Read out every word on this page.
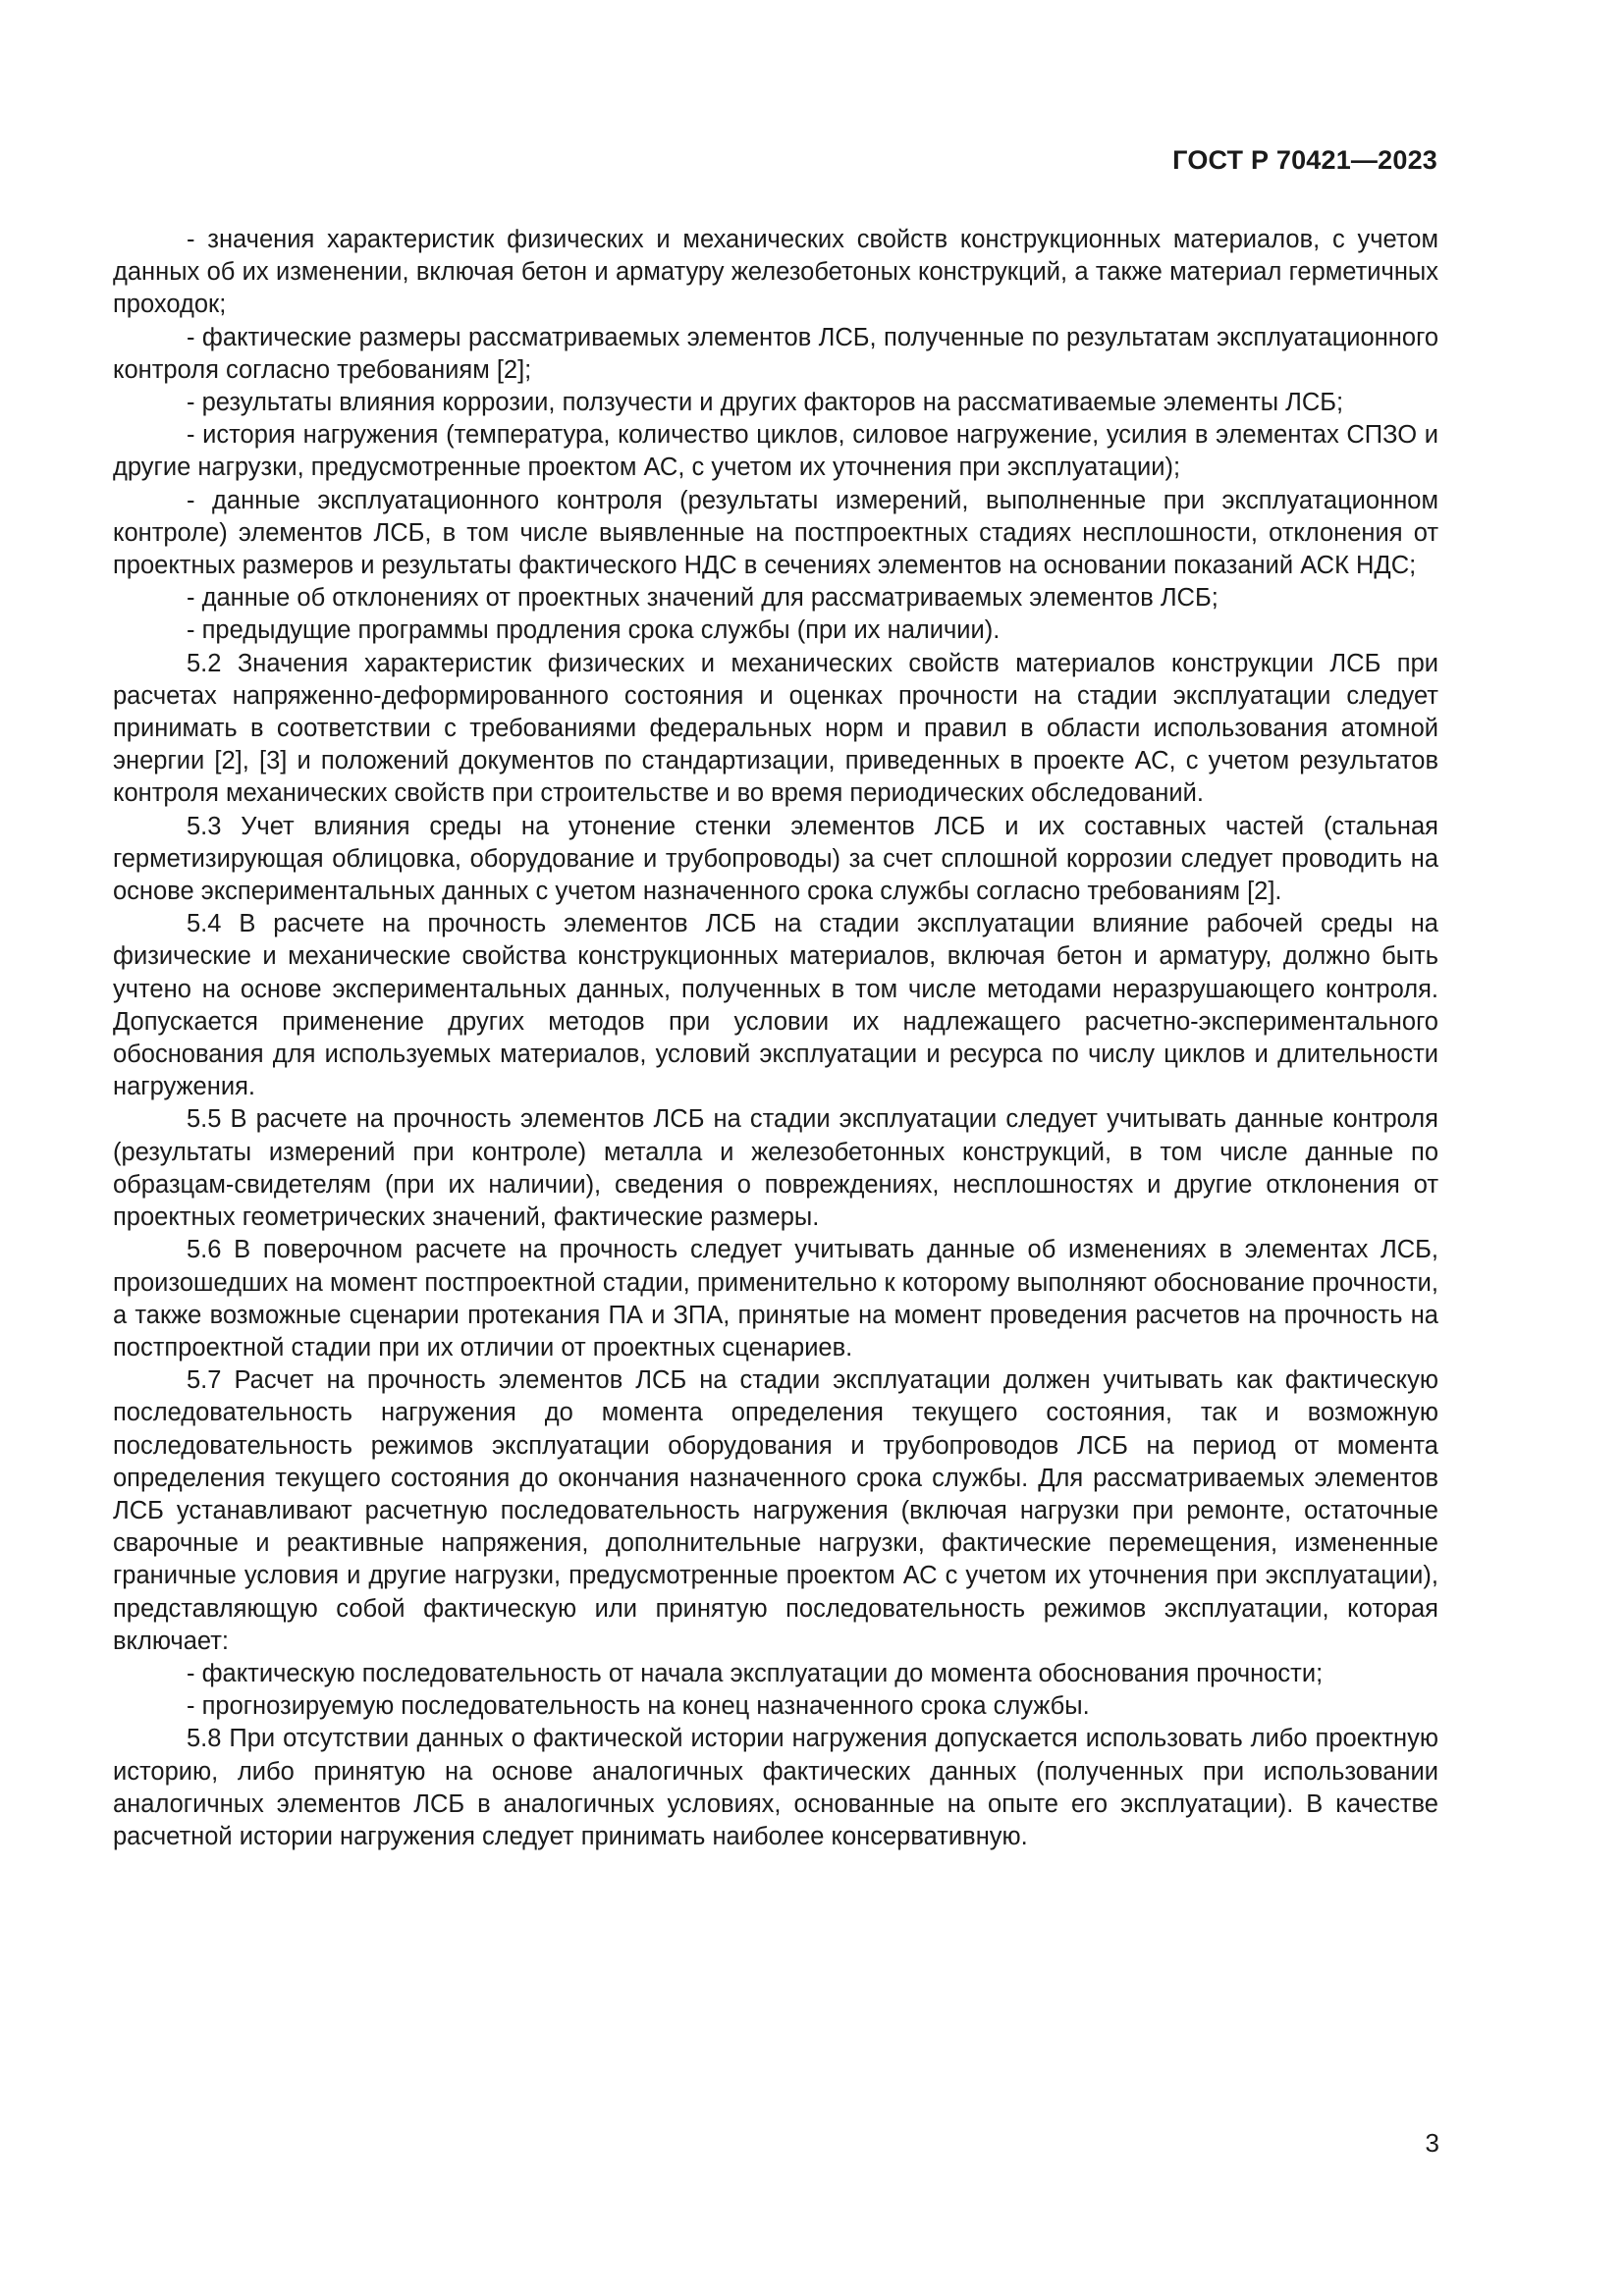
ГОСТ Р 70421—2023

- значения характеристик физических и механических свойств конструкционных материалов, с учетом данных об их изменении, включая бетон и арматуру железобетоных конструкций, а также материал герметичных проходок;

- фактические размеры рассматриваемых элементов ЛСБ, полученные по результатам эксплуатационного контроля согласно требованиям [2];

- результаты влияния коррозии, ползучести и других факторов на рассмативаемые элементы ЛСБ;

- история нагружения (температура, количество циклов, силовое нагружение, усилия в элементах СПЗО и другие нагрузки, предусмотренные проектом АС, с учетом их уточнения при эксплуатации);

- данные эксплуатационного контроля (результаты измерений, выполненные при эксплуатационном контроле) элементов ЛСБ, в том числе выявленные на постпроектных стадиях несплошности, отклонения от проектных размеров и результаты фактического НДС в сечениях элементов на основании показаний АСК НДС;

- данные об отклонениях от проектных значений для рассматриваемых элементов ЛСБ;

- предыдущие программы продления срока службы (при их наличии).

5.2 Значения характеристик физических и механических свойств материалов конструкции ЛСБ при расчетах напряженно-деформированного состояния и оценках прочности на стадии эксплуатации следует принимать в соответствии с требованиями федеральных норм и правил в области использования атомной энергии [2], [3] и положений документов по стандартизации, приведенных в проекте АС, с учетом результатов контроля механических свойств при строительстве и во время периодических обследований.

5.3 Учет влияния среды на утонение стенки элементов ЛСБ и их составных частей (стальная герметизирующая облицовка, оборудование и трубопроводы) за счет сплошной коррозии следует проводить на основе экспериментальных данных с учетом назначенного срока службы согласно требованиям [2].

5.4 В расчете на прочность элементов ЛСБ на стадии эксплуатации влияние рабочей среды на физические и механические свойства конструкционных материалов, включая бетон и арматуру, должно быть учтено на основе экспериментальных данных, полученных в том числе методами неразрушающего контроля. Допускается применение других методов при условии их надлежащего расчетно-экспериментального обоснования для используемых материалов, условий эксплуатации и ресурса по числу циклов и длительности нагружения.

5.5 В расчете на прочность элементов ЛСБ на стадии эксплуатации следует учитывать данные контроля (результаты измерений при контроле) металла и железобетонных конструкций, в том числе данные по образцам-свидетелям (при их наличии), сведения о повреждениях, несплошностях и другие отклонения от проектных геометрических значений, фактические размеры.

5.6 В поверочном расчете на прочность следует учитывать данные об изменениях в элементах ЛСБ, произошедших на момент постпроектной стадии, применительно к которому выполняют обоснование прочности, а также возможные сценарии протекания ПА и ЗПА, принятые на момент проведения расчетов на прочность на постпроектной стадии при их отличии от проектных сценариев.

5.7 Расчет на прочность элементов ЛСБ на стадии эксплуатации должен учитывать как фактическую последовательность нагружения до момента определения текущего состояния, так и возможную последовательность режимов эксплуатации оборудования и трубопроводов ЛСБ на период от момента определения текущего состояния до окончания назначенного срока службы. Для рассматриваемых элементов ЛСБ устанавливают расчетную последовательность нагружения (включая нагрузки при ремонте, остаточные сварочные и реактивные напряжения, дополнительные нагрузки, фактические перемещения, измененные граничные условия и другие нагрузки, предусмотренные проектом АС с учетом их уточнения при эксплуатации), представляющую собой фактическую или принятую последовательность режимов эксплуатации, которая включает:

- фактическую последовательность от начала эксплуатации до момента обоснования прочности;

- прогнозируемую последовательность на конец назначенного срока службы.

5.8 При отсутствии данных о фактической истории нагружения допускается использовать либо проектную историю, либо принятую на основе аналогичных фактических данных (полученных при использовании аналогичных элементов ЛСБ в аналогичных условиях, основанные на опыте его эксплуатации). В качестве расчетной истории нагружения следует принимать наиболее консервативную.

3
